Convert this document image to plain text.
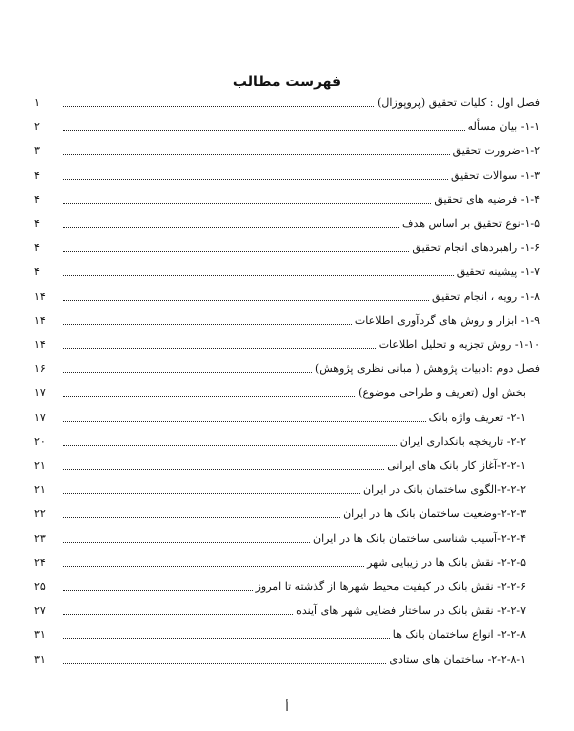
فهرست مطالب
فصل اول : کلیات تحقیق (پروپوزال)
۱
۱-۱- بیان مسأله
۲
۱-۲-ضرورت تحقیق
۳
۱-۳- سوالات تحقیق
۴
۱-۴- فرضیه های تحقیق
۴
۱-۵-نوع تحقیق بر اساس هدف
۴
۱-۶- راهبردهای انجام تحقیق
۴
۱-۷- پیشینه تحقیق
۴
۱-۸- رویه ، انجام تحقیق
۱۴
۱-۹- ابزار و روش های گردآوری اطلاعات
۱۴
۱-۱۰- روش تجزیه و تحلیل اطلاعات
۱۴
فصل دوم :ادبیات پژوهش ( مبانی نظری پژوهش)
۱۶
بخش اول (تعریف و طراحی موضوع)
۱۷
۲-۱- تعریف واژه بانک
۱۷
۲-۲- تاریخچه بانکداری ایران
۲۰
۲-۲-۱-آغاز کار بانک های ایرانی
۲۱
۲-۲-۲-الگوی ساختمان بانک در ایران
۲۱
۲-۲-۳-وضعیت ساختمان بانک ها در ایران
۲۲
۲-۲-۴-آسیب شناسی ساختمان بانک ها در ایران
۲۳
۲-۲-۵- نقش بانک ها در زیبایی شهر
۲۴
۲-۲-۶- نقش بانک در کیفیت محیط شهرها از گذشته تا امروز
۲۵
۲-۲-۷- نقش بانک در ساختار فضایی شهر های آینده
۲۷
۲-۲-۸- انواع ساختمان بانک ها
۳۱
۲-۲-۸-۱- ساختمان های ستادی
۳۱
أ
